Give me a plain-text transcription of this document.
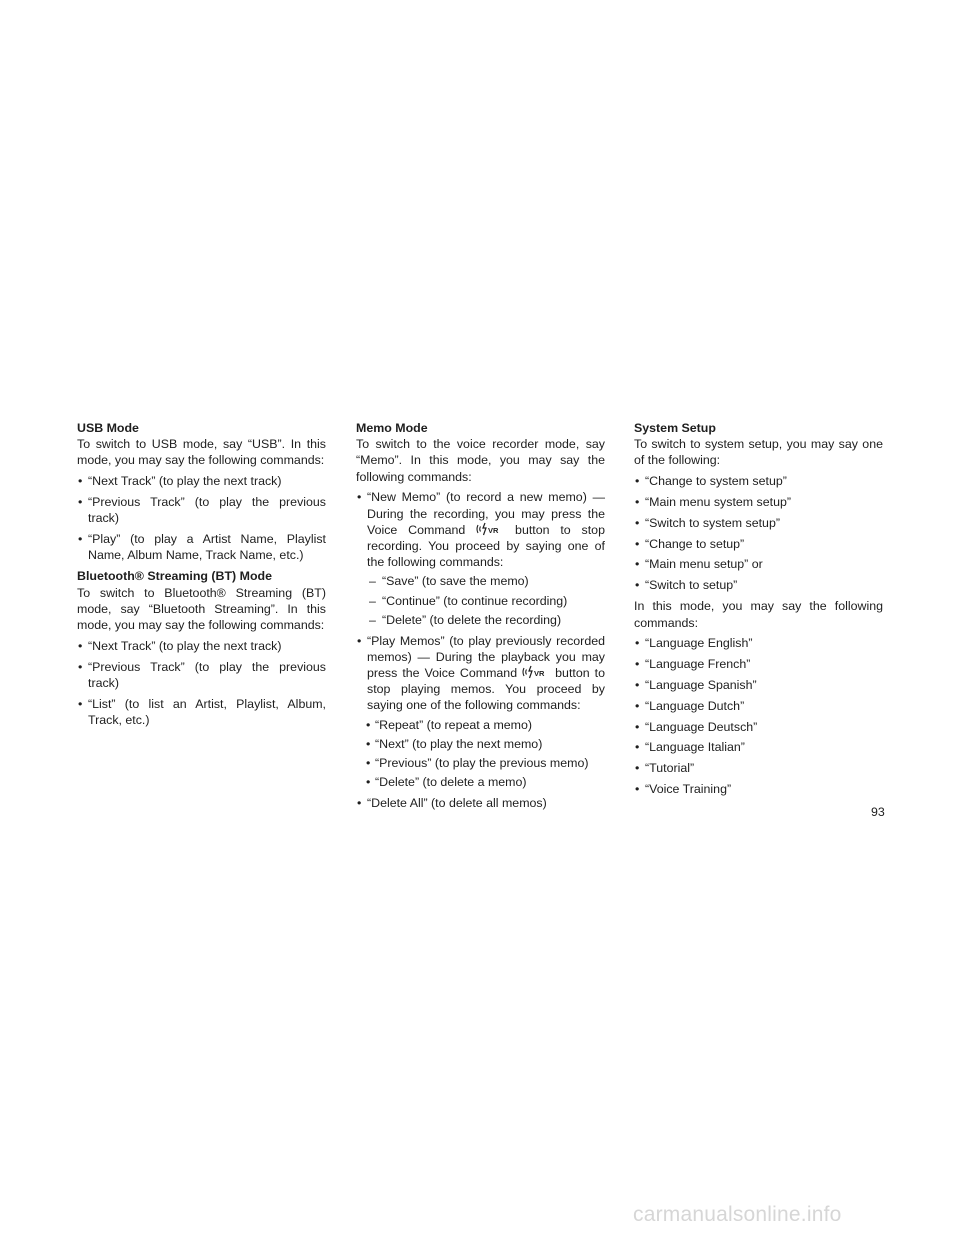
USB Mode

To switch to USB mode, say “USB”. In this mode, you may say the following commands:

• “Next Track” (to play the next track)
• “Previous Track” (to play the previous track)
• “Play” (to play a Artist Name, Playlist Name, Album Name, Track Name, etc.)
Bluetooth® Streaming (BT) Mode

To switch to Bluetooth® Streaming (BT) mode, say “Bluetooth Streaming”. In this mode, you may say the following commands:

• “Next Track” (to play the next track)
• “Previous Track” (to play the previous track)
• “List” (to list an Artist, Playlist, Album, Track, etc.)
Memo Mode

To switch to the voice recorder mode, say “Memo”. In this mode, you may say the following commands:

• “New Memo” (to record a new memo) — During the recording, you may press the Voice Command	VR button to stop recording. You proceed by saying one of the following commands:
– “Save” (to save the memo)
– “Continue” (to continue recording)
– “Delete” (to delete the recording)
• “Play Memos” (to play previously recorded memos) — During the playback you may press the Voice Command VR button to stop playing memos. You proceed by saying one of the following commands:
• “Repeat” (to repeat a memo)
• “Next” (to play the next memo)
• “Previous” (to play the previous memo)
• “Delete” (to delete a memo)
• “Delete All” (to delete all memos)
System Setup

To switch to system setup, you may say one of the following:

• “Change to system setup”
• “Main menu system setup”
• “Switch to system setup”
• “Change to setup”
• “Main menu setup” or
• “Switch to setup”

In this mode, you may say the following commands:

• “Language English”
• “Language French”
• “Language Spanish”
• “Language Dutch”
• “Language Deutsch”
• “Language Italian”
• “Tutorial”
• “Voice Training”
93
carmanualsonline.info
